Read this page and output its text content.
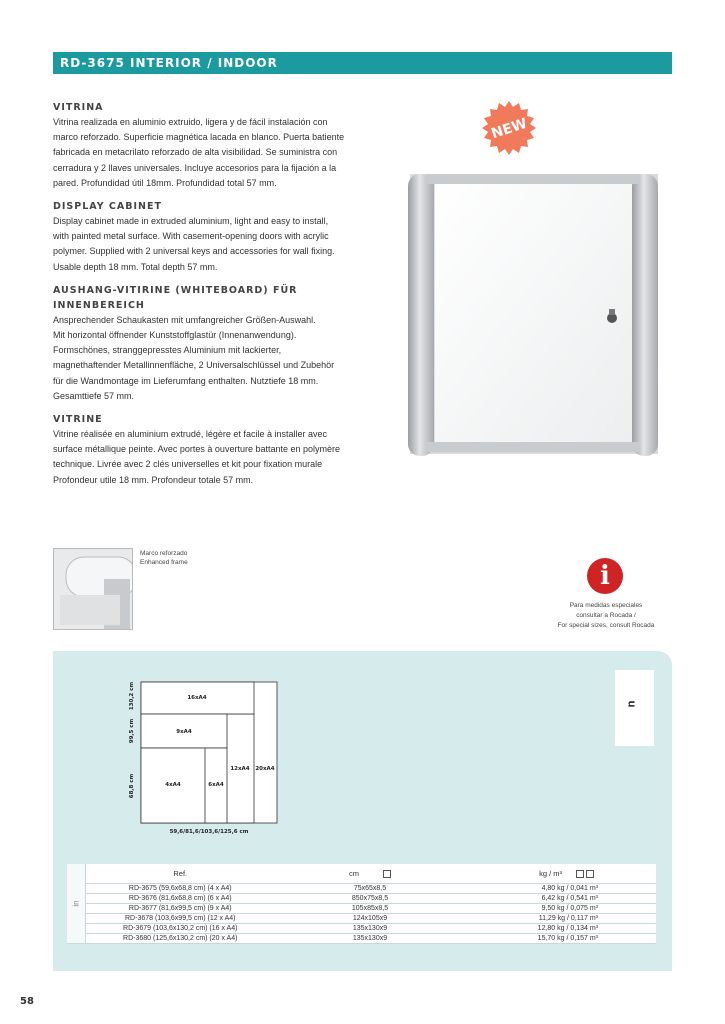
RD-3675 INTERIOR / INDOOR
VITRINA
Vitrina realizada en aluminio extruido, ligera y de fácil instalación con
marco reforzado. Superficie magnética lacada en blanco. Puerta batiente
fabricada en metacrilato reforzado de alta visibilidad. Se suministra con
cerradura y 2 llaves universales. Incluye accesorios para la fijación a la
pared. Profundidad útil 18mm. Profundidad total 57 mm.
DISPLAY CABINET
Display cabinet made in extruded aluminium, light and easy to install,
with painted metal surface. With casement-opening doors with acrylic
polymer. Supplied with 2 universal keys and accessories for wall fixing.
Usable depth 18 mm. Total depth 57 mm.
AUSHANG-VITIRINE (WHITEBOARD) FÜR
INNENBEREICH
Ansprechender Schaukasten mit umfangreicher Größen-Auswahl.
Mit horizontal öffnender Kunststoffglastür (Innenanwendung).
Formschönes, stranggepresstes Aluminium mit lackierter,
magnethaftender Metallinnenfläche, 2 Universalschlüssel und Zubehör
für die Wandmontage im Lieferumfang enthalten. Nutztiefe 18 mm.
Gesamttiefe 57 mm.
VITRINE
Vitrine réalisée en aluminium extrudé, légère et facile à installer avec
surface métallique peinte. Avec portes à ouverture battante en polymère
technique. Livrée avec 2 clés universelles et kit pour fixation murale
Profondeur utile 18 mm. Profondeur totale 57 mm.
NEW
Marco reforzado
Enhanced frame	i
Para medidas especiales
consultar a Rocada /
For special sizes, consult Rocada
u
16xA4
9xA4
4xA4	6xA4
12xA4 20xA4
130,2 cm
99,5 cm
68,8 cm
59,6/81,6/103,6/125,6 cm
in	Ref.	cm	kg / m³
	RD-3675 (59,6x68,8 cm) (4 x A4)	75x65x8,5	4,80 kg / 0,041 m³
	RD-3676 (81,6x68,8 cm) (6 x A4)	850x75x8,5	6,42 kg / 0,541 m³
	RD-3677 (81,6x99,5 cm) (9 x A4)	105x85x8,5	9,50 kg / 0,075 m³
	RD-3678 (103,6x99,5 cm) (12 x A4)	124x105x9	11,29 kg / 0,117 m³
	RD-3679 (103,6x130,2 cm) (16 x A4)	135x130x9	12,80 kg / 0,134 m³
	RD-3680 (125,6x130,2 cm) (20 x A4)	135x130x9	15,70 kg / 0,157 m³
58
